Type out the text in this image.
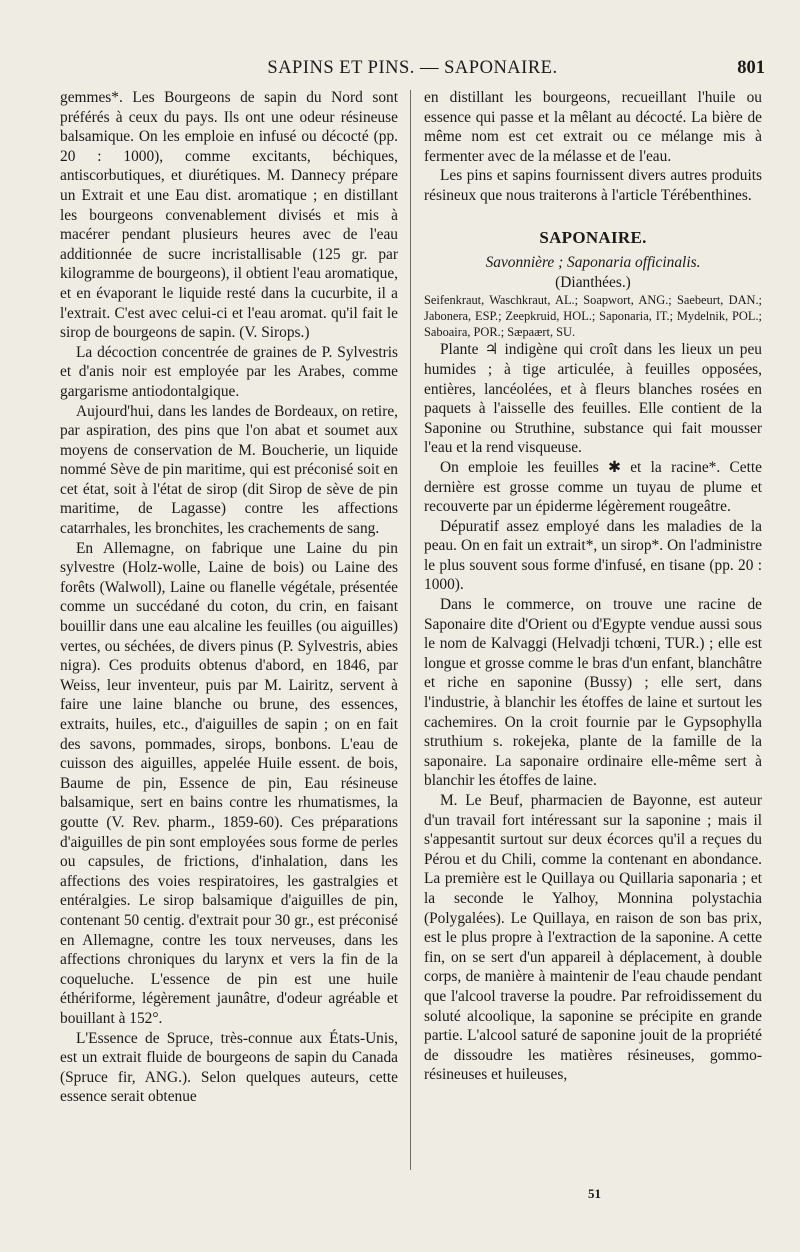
SAPINS ET PINS. — SAPONAIRE.	801

gemmes*. Les Bourgeons de sapin du Nord sont préférés à ceux du pays. Ils ont une odeur résineuse balsamique. On les emploie en infusé ou décocté (pp. 20 : 1000), comme excitants, béchiques, antiscorbutiques, et diurétiques. M. Dannecy prépare un Extrait et une Eau dist. aromatique ; en distillant les bourgeons convenablement divisés et mis à macérer pendant plusieurs heures avec de l'eau additionnée de sucre incristallisable (125 gr. par kilogramme de bourgeons), il obtient l'eau aromatique, et en évaporant le liquide resté dans la cucurbite, il a l'extrait. C'est avec celui-ci et l'eau aromat. qu'il fait le sirop de bourgeons de sapin. (V. Sirops.)

La décoction concentrée de graines de P. Sylvestris et d'anis noir est employée par les Arabes, comme gargarisme antiodontalgique.

Aujourd'hui, dans les landes de Bordeaux, on retire, par aspiration, des pins que l'on abat et soumet aux moyens de conservation de M. Boucherie, un liquide nommé Sève de pin maritime, qui est préconisé soit en cet état, soit à l'état de sirop (dit Sirop de sève de pin maritime, de Lagasse) contre les affections catarrhales, les bronchites, les crachements de sang.

En Allemagne, on fabrique une Laine du pin sylvestre (Holz-wolle, Laine de bois) ou Laine des forêts (Walwoll), Laine ou flanelle végétale, présentée comme un succédané du coton, du crin, en faisant bouillir dans une eau alcaline les feuilles (ou aiguilles) vertes, ou séchées, de divers pinus (P. Sylvestris, abies nigra). Ces produits obtenus d'abord, en 1846, par Weiss, leur inventeur, puis par M. Lairitz, servent à faire une laine blanche ou brune, des essences, extraits, huiles, etc., d'aiguilles de sapin ; on en fait des savons, pommades, sirops, bonbons. L'eau de cuisson des aiguilles, appelée Huile essent. de bois, Baume de pin, Essence de pin, Eau résineuse balsamique, sert en bains contre les rhumatismes, la goutte (V. Rev. pharm., 1859-60). Ces préparations d'aiguilles de pin sont employées sous forme de perles ou capsules, de frictions, d'inhalation, dans les affections des voies respiratoires, les gastralgies et entéralgies. Le sirop balsamique d'aiguilles de pin, contenant 50 centig. d'extrait pour 30 gr., est préconisé en Allemagne, contre les toux nerveuses, dans les affections chroniques du larynx et vers la fin de la coqueluche. L'essence de pin est une huile éthériforme, légèrement jaunâtre, d'odeur agréable et bouillant à 152°.

L'Essence de Spruce, très-connue aux États-Unis, est un extrait fluide de bourgeons de sapin du Canada (Spruce fir, ANG.). Selon quelques auteurs, cette essence serait obtenue

en distillant les bourgeons, recueillant l'huile ou essence qui passe et la mêlant au décocté. La bière de même nom est cet extrait ou ce mélange mis à fermenter avec de la mélasse et de l'eau.

Les pins et sapins fournissent divers autres produits résineux que nous traiterons à l'article Térébenthines.

SAPONAIRE.

Savonnière ; Saponaria officinalis.

(Dianthées.)

Seifenkraut, Waschkraut, AL.; Soapwort, ANG.; Saebeurt, DAN.; Jabonera, ESP.; Zeepkruid, HOL.; Saponaria, IT.; Mydelnik, POL.; Saboaira, POR.; Sæpaært, SU.

Plante ♃ indigène qui croît dans les lieux un peu humides ; à tige articulée, à feuilles opposées, entières, lancéolées, et à fleurs blanches rosées en paquets à l'aisselle des feuilles. Elle contient de la Saponine ou Struthine, substance qui fait mousser l'eau et la rend visqueuse.

On emploie les feuilles ✱ et la racine*. Cette dernière est grosse comme un tuyau de plume et recouverte par un épiderme légèrement rougeâtre.

Dépuratif assez employé dans les maladies de la peau. On en fait un extrait*, un sirop*. On l'administre le plus souvent sous forme d'infusé, en tisane (pp. 20 : 1000).

Dans le commerce, on trouve une racine de Saponaire dite d'Orient ou d'Egypte vendue aussi sous le nom de Kalvaggi (Helvadji tchœni, TUR.) ; elle est longue et grosse comme le bras d'un enfant, blanchâtre et riche en saponine (Bussy) ; elle sert, dans l'industrie, à blanchir les étoffes de laine et surtout les cachemires. On la croit fournie par le Gypsophylla struthium s. rokejeka, plante de la famille de la saponaire. La saponaire ordinaire elle-même sert à blanchir les étoffes de laine.

M. Le Beuf, pharmacien de Bayonne, est auteur d'un travail fort intéressant sur la saponine ; mais il s'appesantit surtout sur deux écorces qu'il a reçues du Pérou et du Chili, comme la contenant en abondance. La première est le Quillaya ou Quillaria saponaria ; et la seconde le Yalhoy, Monnina polystachia (Polygalées). Le Quillaya, en raison de son bas prix, est le plus propre à l'extraction de la saponine. A cette fin, on se sert d'un appareil à déplacement, à double corps, de manière à maintenir de l'eau chaude pendant que l'alcool traverse la poudre. Par refroidissement du soluté alcoolique, la saponine se précipite en grande partie. L'alcool saturé de saponine jouit de la propriété de dissoudre les matières résineuses, gommo-résineuses et huileuses,

51
